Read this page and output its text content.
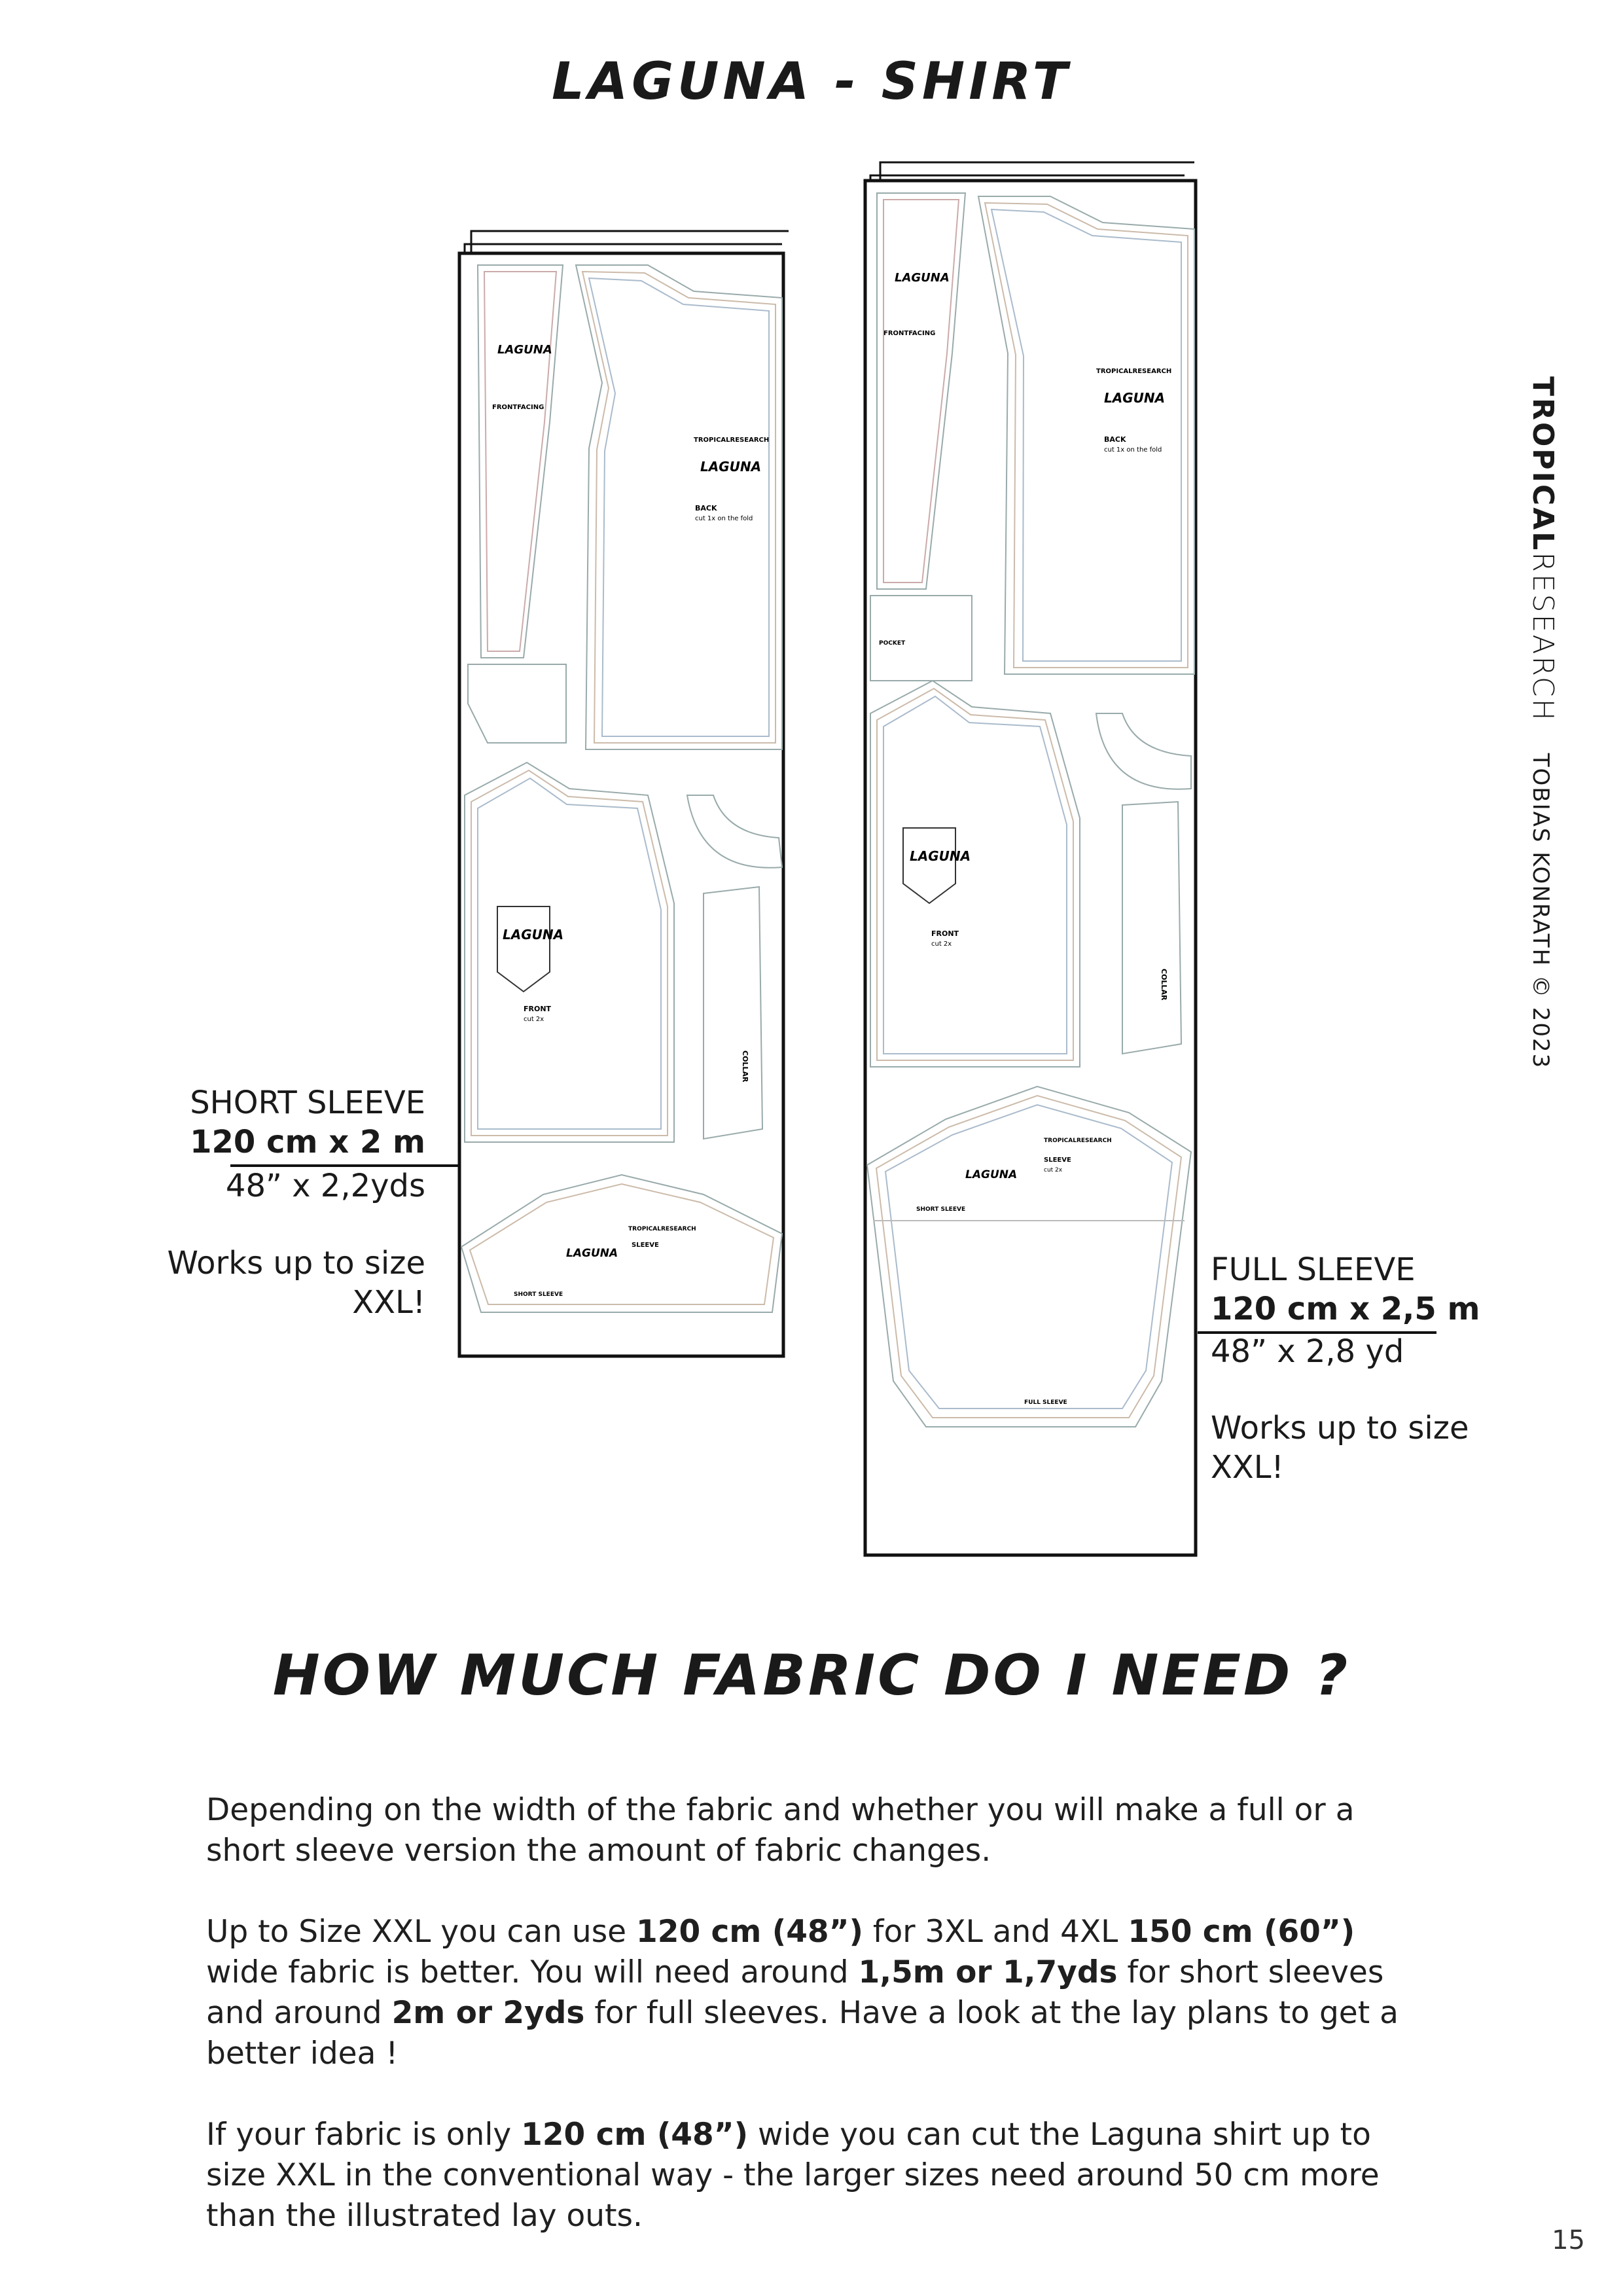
LAGUNA - SHIRT
TROPICALRESEARCH TOBIAS KONRATH © 2023
FRONTFACING
LAGUNA
TROPICALRESEARCH
LAGUNA
BACK
cut 1x on the fold
LAGUNA
FRONT
cut 2x
COLLAR
TROPICALRESEARCH
LAGUNA
SLEEVE
SHORT SLEEVE
FRONTFACING
LAGUNA
POCKET
TROPICALRESEARCH
LAGUNA
BACK
cut 1x on the fold
LAGUNA
FRONT
cut 2x
COLLAR
TROPICALRESEARCH
LAGUNA
SLEEVE
cut 2x
SHORT SLEEVE
FULL SLEEVE
SHORT SLEEVE
120 cm x 2 m
48” x 2,2yds
Works up to size
XXL!
FULL SLEEVE
120 cm x 2,5 m
48” x 2,8 yd
Works up to size
XXL!
HOW MUCH FABRIC DO I NEED ?

Depending on the width of the fabric and whether you will make a full or a short sleeve version the amount of fabric changes.

Up to Size XXL you can use 120 cm (48”) for 3XL and 4XL 150 cm (60”) wide fabric is better. You will need around 1,5m or 1,7yds for short sleeves and around 2m or 2yds for full sleeves. Have a look at the lay plans to get a better idea !

If your fabric is only 120 cm (48”) wide you can cut the Laguna shirt up to size XXL in the conventional way - the larger sizes need around 50 cm more than the illustrated lay outs.

15
